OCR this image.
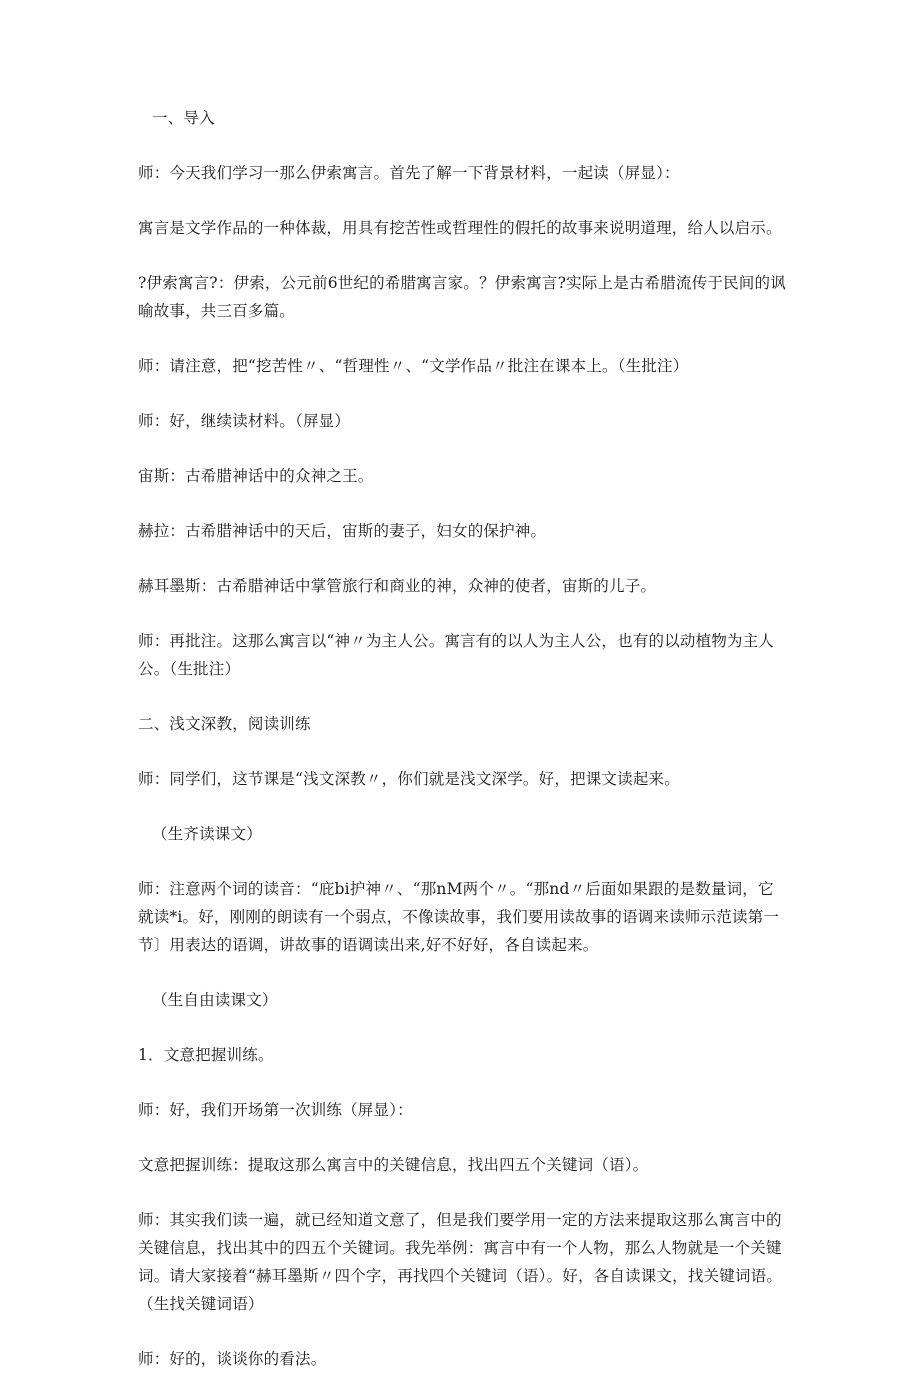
一、导入

师：今天我们学习一那么伊索寓言。首先了解一下背景材料，一起读（屏显）：

寓言是文学作品的一种体裁，用具有挖苦性或哲理性的假托的故事来说明道理，给人以启示。

?伊索寓言?：伊索，公元前6世纪的希腊寓言家。？伊索寓言?实际上是古希腊流传于民间的讽喻故事，共三百多篇。

师：请注意，把“挖苦性〃、“哲理性〃、“文学作品〃批注在课本上。（生批注）

师：好，继续读材料。（屏显）

宙斯：古希腊神话中的众神之王。

赫拉：古希腊神话中的天后，宙斯的妻子，妇女的保护神。

赫耳墨斯：古希腊神话中掌管旅行和商业的神，众神的使者，宙斯的儿子。

师：再批注。这那么寓言以“神〃为主人公。寓言有的以人为主人公，也有的以动植物为主人公。（生批注）

二、浅文深教，阅读训练

师：同学们，这节课是“浅文深教〃，你们就是浅文深学。好，把课文读起来。

（生齐读课文）

师：注意两个词的读音：“庇bi护神〃、“那nM两个〃。“那nd〃后面如果跟的是数量词，它就读*i。好，刚刚的朗读有一个弱点，不像读故事，我们要用读故事的语调来读师示范读第一节〕用表达的语调，讲故事的语调读出来,好不好好，各自读起来。

（生自由读课文）

1．文意把握训练。

师：好，我们开场第一次训练（屏显）：

文意把握训练：提取这那么寓言中的关键信息，找出四五个关键词（语）。

师：其实我们读一遍，就已经知道文意了，但是我们要学用一定的方法来提取这那么寓言中的关键信息，找出其中的四五个关键词。我先举例：寓言中有一个人物，那么人物就是一个关键词。请大家接着“赫耳墨斯〃四个字，再找四个关键词（语）。好，各自读课文，找关键词语。（生找关键词语）

师：好的，谈谈你的看法。
